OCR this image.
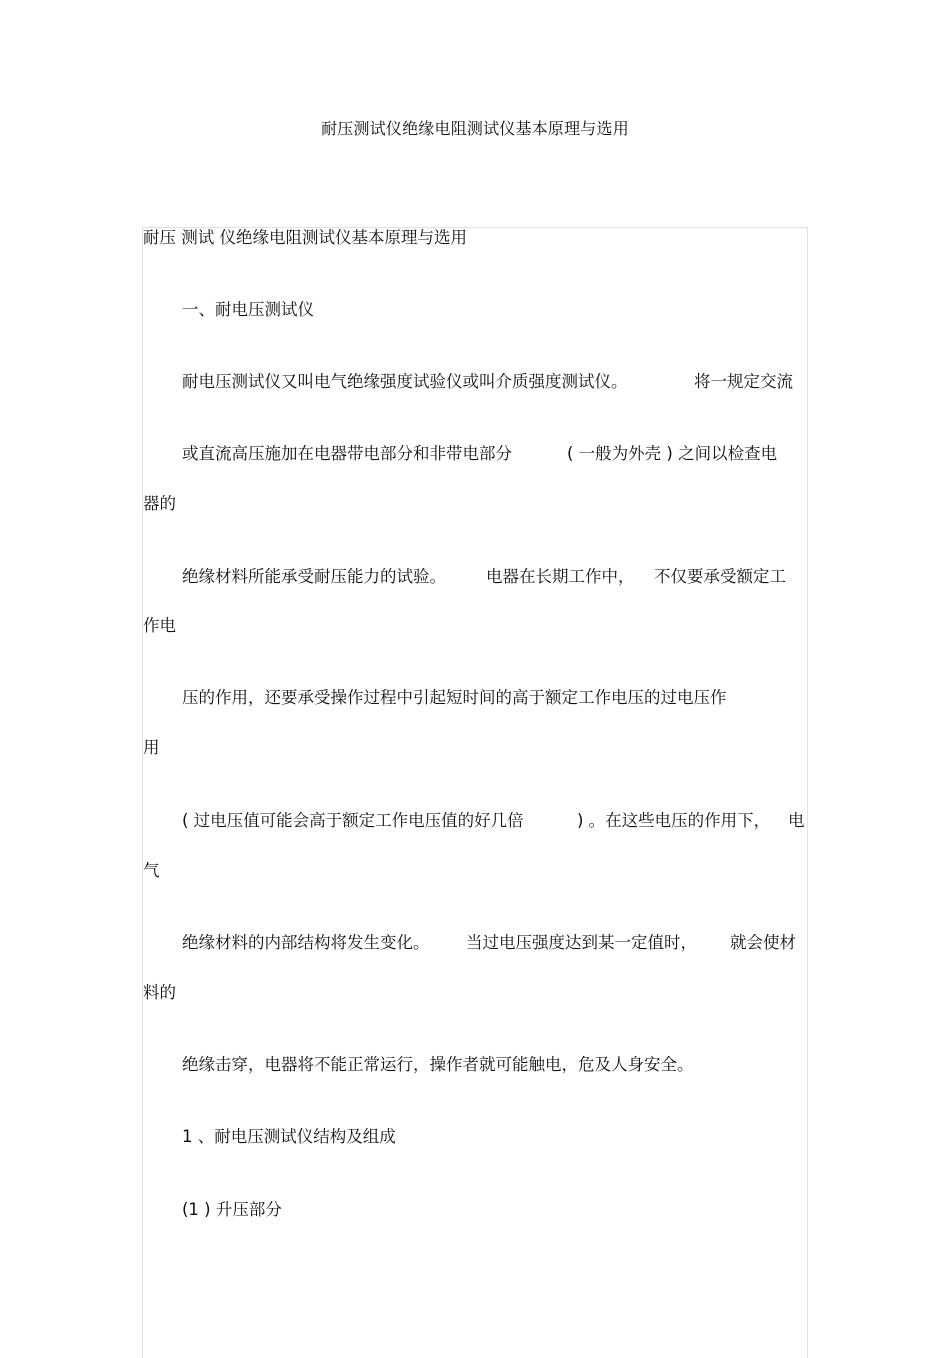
耐压测试仪绝缘电阻测试仪基本原理与选用
耐压 测试 仪绝缘电阻测试仪基本原理与选用
一、耐电压测试仪
耐电压测试仪又叫电气绝缘强度试验仪或叫介质强度测试仪。	将一规定交流
或直流高压施加在电器带电部分和非带电部分	( 一般为外壳 ) 之间以检查电
器的
绝缘材料所能承受耐压能力的试验。 电器在长期工作中， 不仅要承受额定工
作电
压的作用，还要承受操作过程中引起短时间的高于额定工作电压的过电压作
用
( 过电压值可能会高于额定工作电压值的好几倍	) 。在这些电压的作用下， 电
气
绝缘材料的内部结构将发生变化。 当过电压强度达到某一定值时， 就会使材
料的
绝缘击穿，电器将不能正常运行，操作者就可能触电，危及人身安全。
1 、耐电压测试仪结构及组成
(1 ) 升压部分
